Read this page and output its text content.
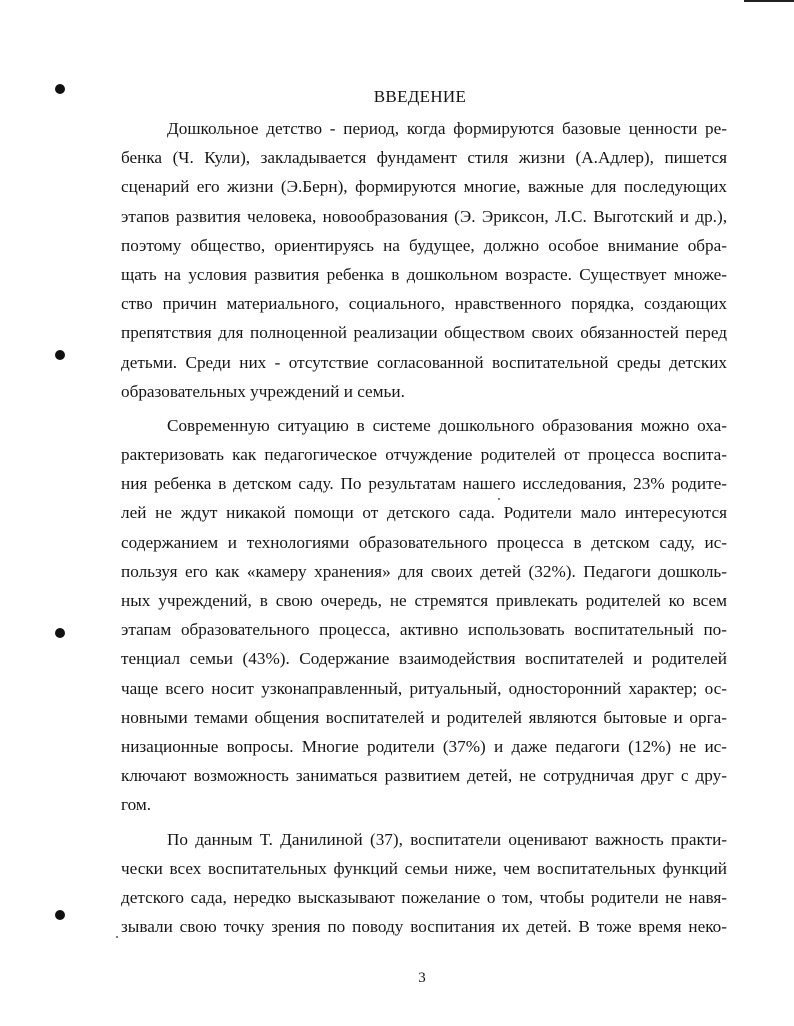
ВВЕДЕНИЕ
Дошкольное детство - период, когда формируются базовые ценности ре-
бенка (Ч. Кули), закладывается фундамент стиля жизни (А.Адлер), пишется
сценарий его жизни (Э.Берн), формируются многие, важные для последующих
этапов развития человека, новообразования (Э. Эриксон, Л.С. Выготский и др.),
поэтому общество, ориентируясь на будущее, должно особое внимание обра-
щать на условия развития ребенка в дошкольном возрасте. Существует множе-
ство причин материального, социального, нравственного порядка, создающих
препятствия для полноценной реализации обществом своих обязанностей перед
детьми. Среди них - отсутствие согласованной воспитательной среды детских
образовательных учреждений и семьи.
Современную ситуацию в системе дошкольного образования можно оха-
рактеризовать как педагогическое отчуждение родителей от процесса воспита-
ния ребенка в детском саду. По результатам нашего исследования, 23% родите-
лей не ждут никакой помощи от детского сада. Родители мало интересуются
содержанием и технологиями образовательного процесса в детском саду, ис-
пользуя его как «камеру хранения» для своих детей (32%). Педагоги дошколь-
ных учреждений, в свою очередь, не стремятся привлекать родителей ко всем
этапам образовательного процесса, активно использовать воспитательный по-
тенциал семьи (43%). Содержание взаимодействия воспитателей и родителей
чаще всего носит узконаправленный, ритуальный, односторонний характер; ос-
новными темами общения воспитателей и родителей являются бытовые и орга-
низационные вопросы. Многие родители (37%) и даже педагоги (12%) не ис-
ключают возможность заниматься развитием детей, не сотрудничая друг с дру-
гом.
По данным Т. Данилиной (37), воспитатели оценивают важность практи-
чески всех воспитательных функций семьи ниже, чем воспитательных функций
детского сада, нередко высказывают пожелание о том, чтобы родители не навя-
зывали свою точку зрения по поводу воспитания их детей. В тоже время неко-
3
